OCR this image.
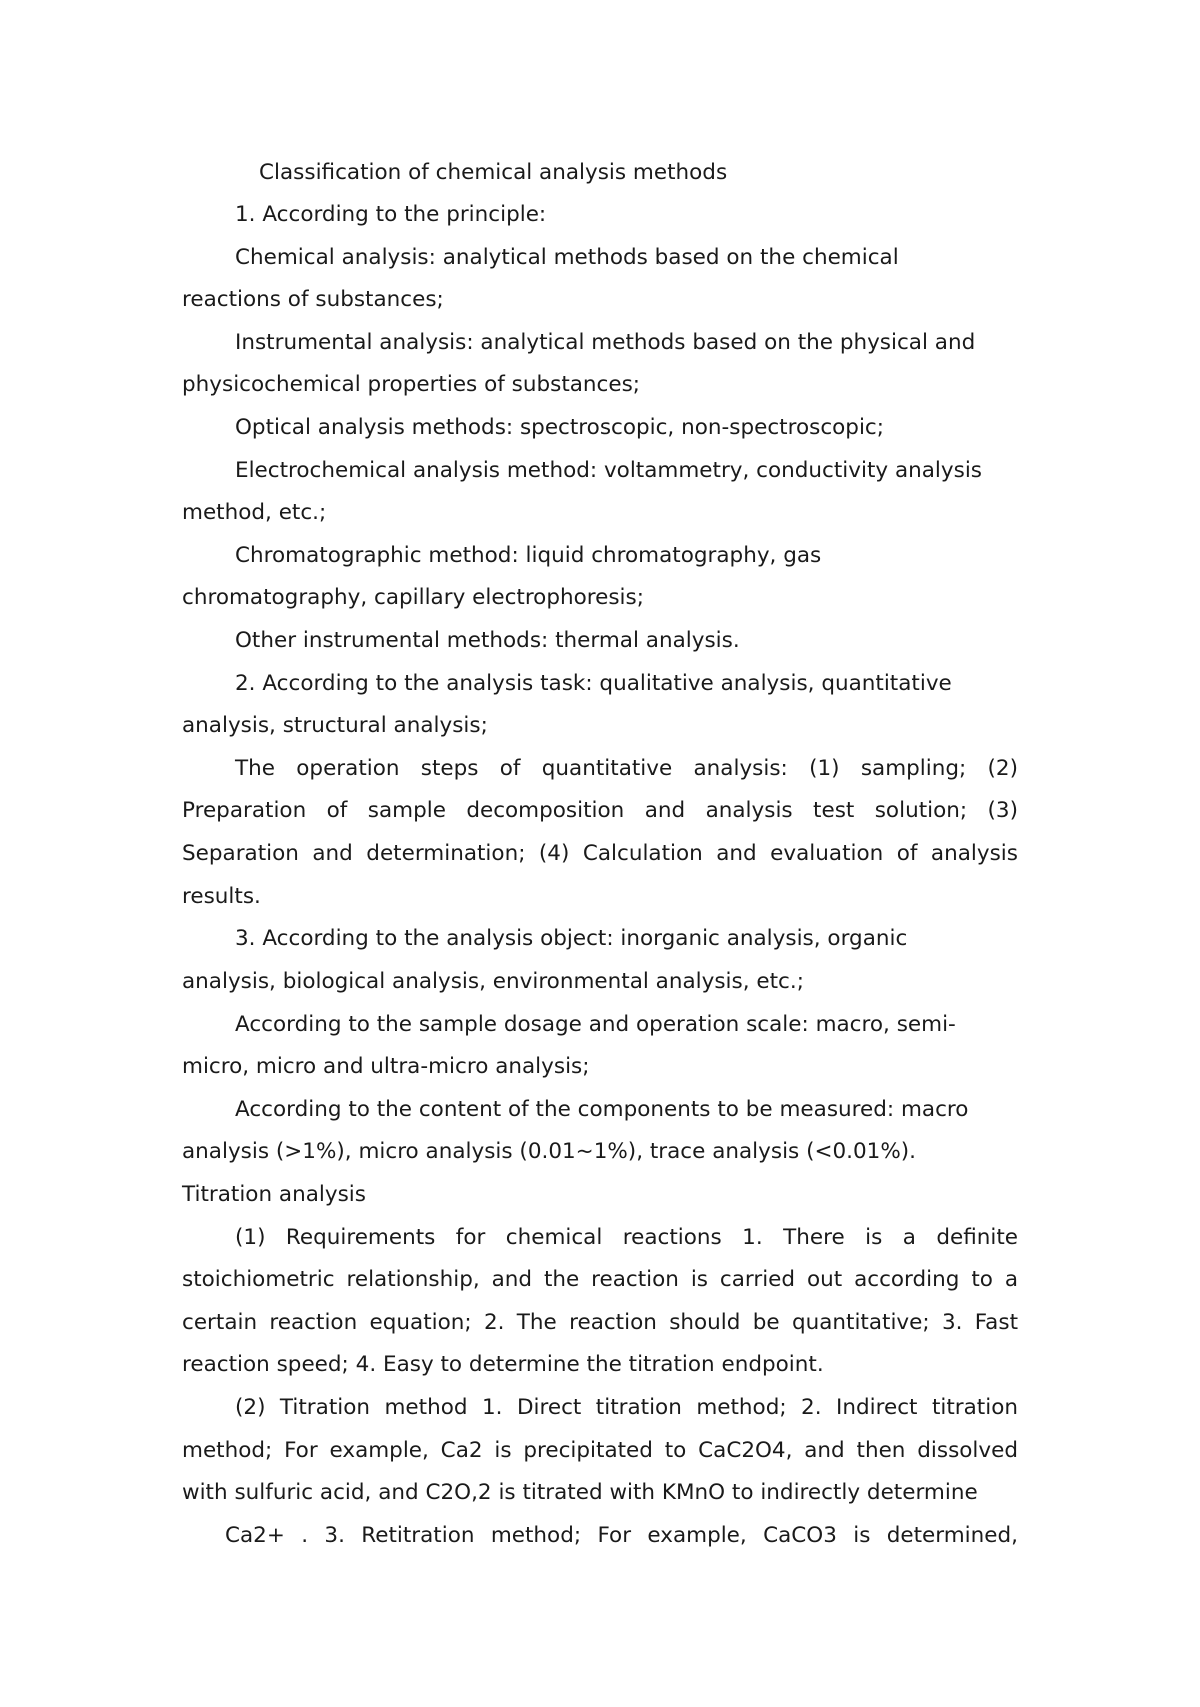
Classification of chemical analysis methods
1. According to the principle:
Chemical analysis: analytical methods based on the chemical
reactions of substances;
Instrumental analysis: analytical methods based on the physical and
physicochemical properties of substances;
Optical analysis methods: spectroscopic, non-spectroscopic;
Electrochemical analysis method: voltammetry, conductivity analysis
method, etc.;
Chromatographic method: liquid chromatography, gas
chromatography, capillary electrophoresis;
Other instrumental methods: thermal analysis.
2. According to the analysis task: qualitative analysis, quantitative
analysis, structural analysis;
The operation steps of quantitative analysis: (1) sampling; (2)
Preparation of sample decomposition and analysis test solution; (3)
Separation and determination; (4) Calculation and evaluation of analysis
results.
3. According to the analysis object: inorganic analysis, organic
analysis, biological analysis, environmental analysis, etc.;
According to the sample dosage and operation scale: macro, semi-
micro, micro and ultra-micro analysis;
According to the content of the components to be measured: macro
analysis (>1%), micro analysis (0.01~1%), trace analysis (<0.01%).
Titration analysis
(1) Requirements for chemical reactions 1. There is a definite
stoichiometric relationship, and the reaction is carried out according to a
certain reaction equation; 2. The reaction should be quantitative; 3. Fast
reaction speed; 4. Easy to determine the titration endpoint.
(2) Titration method 1. Direct titration method; 2. Indirect titration
method; For example, Ca2 is precipitated to CaC2O4, and then dissolved
with sulfuric acid, and C2O,2 is titrated with KMnO to indirectly determine
Ca2+ . 3. Retitration method; For example, CaCO3 is determined,
